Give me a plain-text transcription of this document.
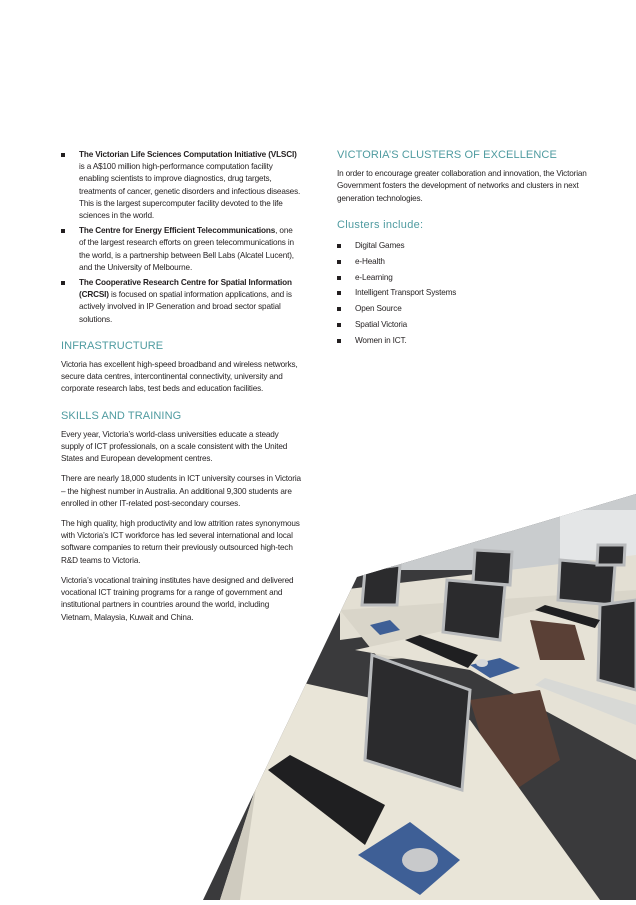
The Victorian Life Sciences Computation Initiative (VLSCI) is a A$100 million high-performance computation facility enabling scientists to improve diagnostics, drug targets, treatments of cancer, genetic disorders and infectious diseases. This is the largest supercomputer facility devoted to the life sciences in the world.
The Centre for Energy Efficient Telecommunications, one of the largest research efforts on green telecommunications in the world, is a partnership between Bell Labs (Alcatel Lucent), and the University of Melbourne.
The Cooperative Research Centre for Spatial Information (CRCSI) is focused on spatial information applications, and is actively involved in IP Generation and broad sector spatial solutions.
INFRASTRUCTURE

Victoria has excellent high-speed broadband and wireless networks, secure data centres, intercontinental connectivity, university and corporate research labs, test beds and education facilities.

SKILLS AND TRAINING

Every year, Victoria’s world-class universities educate a steady supply of ICT professionals, on a scale consistent with the United States and European development centres.

There are nearly 18,000 students in ICT university courses in Victoria – the highest number in Australia. An additional 9,300 students are enrolled in other IT-related post-secondary courses.

The high quality, high productivity and low attrition rates synonymous with Victoria’s ICT workforce has led several international and local software companies to return their previously outsourced high-tech R&D teams to Victoria.

Victoria’s vocational training institutes have designed and delivered vocational ICT training programs for a range of government and institutional partners in countries around the world, including Vietnam, Malaysia, Kuwait and China.

VICTORIA’S CLUSTERS OF EXCELLENCE

In order to encourage greater collaboration and innovation, the Victorian Government fosters the development of networks and clusters in next generation technologies.

Clusters include:
Digital Games
e-Health
e-Learning
Intelligent Transport Systems
Open Source
Spatial Victoria
Women in ICT.
